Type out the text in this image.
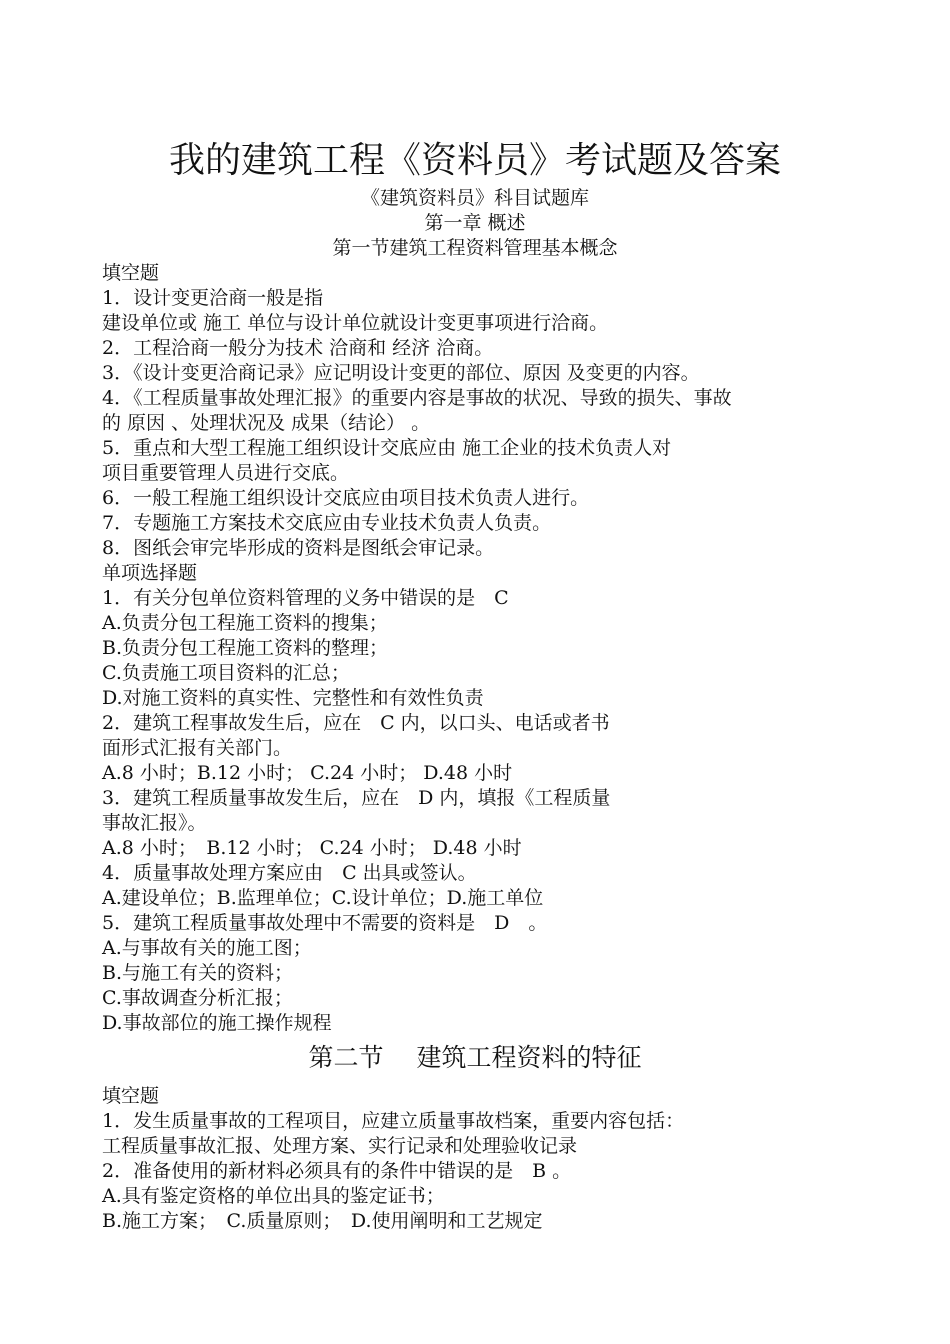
我的建筑工程《资料员》考试题及答案
《建筑资料员》科目试题库
第一章 概述
第一节建筑工程资料管理基本概念
填空题
1．设计变更洽商一般是指
建设单位或 施工 单位与设计单位就设计变更事项进行洽商。
2．工程洽商一般分为技术 洽商和 经济 洽商。
3．《设计变更洽商记录》应记明设计变更的部位、原因 及变更的内容。
4．《工程质量事故处理汇报》的重要内容是事故的状况、导致的损失、事故
的 原因 、处理状况及 成果（结论） 。
5．重点和大型工程施工组织设计交底应由 施工企业的技术负责人对
项目重要管理人员进行交底。
6．一般工程施工组织设计交底应由项目技术负责人进行。
7．专题施工方案技术交底应由专业技术负责人负责。
8．图纸会审完毕形成的资料是图纸会审记录。
单项选择题
1．有关分包单位资料管理的义务中错误的是　C
A.负责分包工程施工资料的搜集；
B.负责分包工程施工资料的整理；
C.负责施工项目资料的汇总；
D.对施工资料的真实性、完整性和有效性负责
2．建筑工程事故发生后，应在　C 内，以口头、电话或者书
面形式汇报有关部门。
A.8 小时；B.12 小时； C.24 小时； D.48 小时
3．建筑工程质量事故发生后，应在　D 内，填报《工程质量
事故汇报》。
A.8 小时；　B.12 小时； C.24 小时； D.48 小时
4．质量事故处理方案应由　C 出具或签认。
A.建设单位；B.监理单位；C.设计单位；D.施工单位
5．建筑工程质量事故处理中不需要的资料是　D　。
A.与事故有关的施工图；
B.与施工有关的资料；
C.事故调查分析汇报；
D.事故部位的施工操作规程
第二节　 建筑工程资料的特征
填空题
1．发生质量事故的工程项目，应建立质量事故档案，重要内容包括：
工程质量事故汇报、处理方案、实行记录和处理验收记录
2．准备使用的新材料必须具有的条件中错误的是　B 。
A.具有鉴定资格的单位出具的鉴定证书；
B.施工方案；　C.质量原则；　D.使用阐明和工艺规定
